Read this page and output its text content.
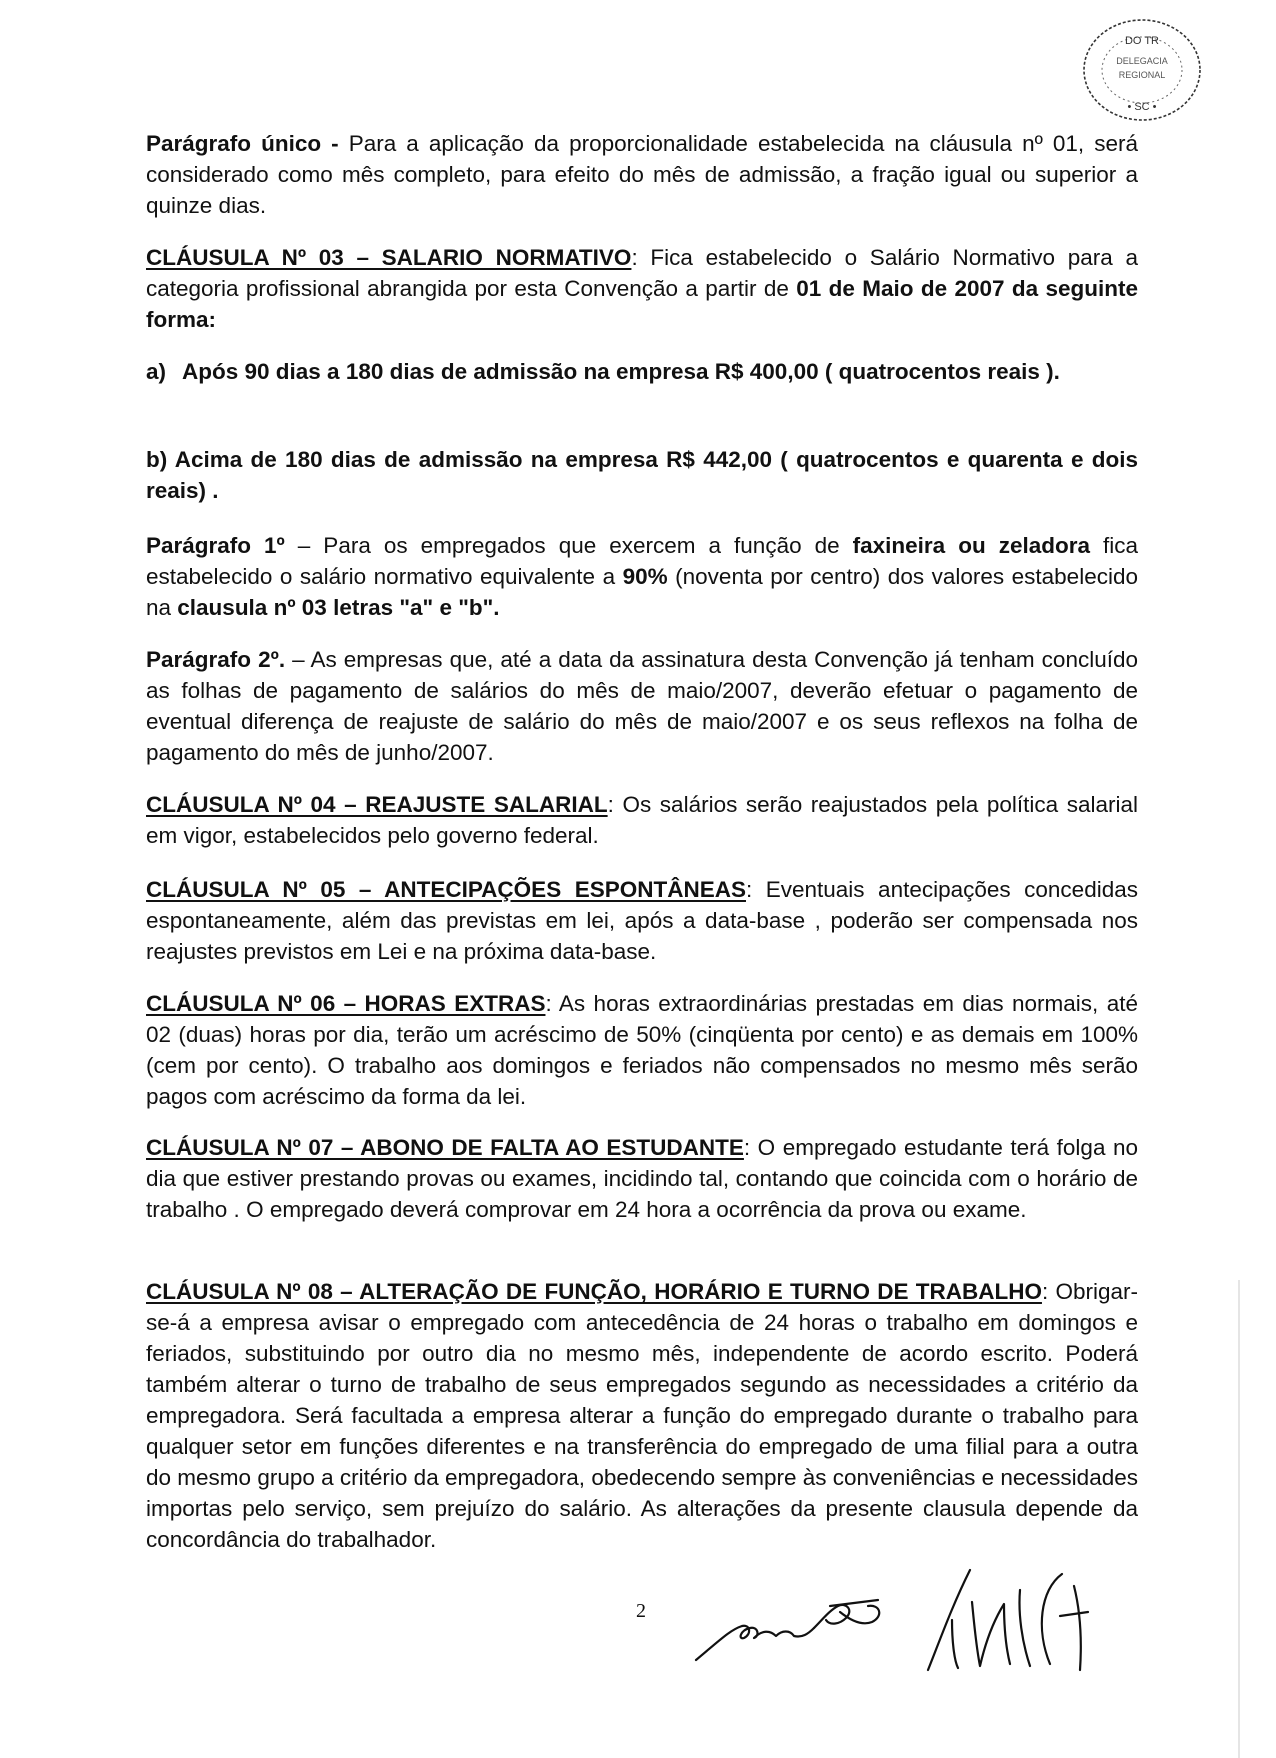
DO TR
DELEGACIA
REGIONAL
• SC •
Parágrafo único - Para a aplicação da proporcionalidade estabelecida na cláusula nº 01, será considerado como mês completo, para efeito do mês de admissão, a fração igual ou superior a quinze dias.
CLÁUSULA Nº 03 – SALARIO NORMATIVO: Fica estabelecido o Salário Normativo para a categoria profissional abrangida por esta Convenção a partir de 01 de Maio de 2007 da seguinte forma:
a) Após 90 dias a 180 dias de admissão na empresa R$ 400,00 ( quatrocentos reais ).
b) Acima de 180 dias de admissão na empresa R$ 442,00 ( quatrocentos e quarenta e dois reais) .
Parágrafo 1º – Para os empregados que exercem a função de faxineira ou zeladora fica estabelecido o salário normativo equivalente a 90% (noventa por centro) dos valores estabelecido na clausula nº 03 letras "a" e "b".
Parágrafo 2º. – As empresas que, até a data da assinatura desta Convenção já tenham concluído as folhas de pagamento de salários do mês de maio/2007, deverão efetuar o pagamento de eventual diferença de reajuste de salário do mês de maio/2007 e os seus reflexos na folha de pagamento do mês de junho/2007.
CLÁUSULA Nº 04 – REAJUSTE SALARIAL: Os salários serão reajustados pela política salarial em vigor, estabelecidos pelo governo federal.
CLÁUSULA Nº 05 – ANTECIPAÇÕES ESPONTÂNEAS: Eventuais antecipações concedidas espontaneamente, além das previstas em lei, após a data-base , poderão ser compensada nos reajustes previstos em Lei e na próxima data-base.
CLÁUSULA Nº 06 – HORAS EXTRAS: As horas extraordinárias prestadas em dias normais, até 02 (duas) horas por dia, terão um acréscimo de 50% (cinqüenta por cento) e as demais em 100% (cem por cento). O trabalho aos domingos e feriados não compensados no mesmo mês serão pagos com acréscimo da forma da lei.
CLÁUSULA Nº 07 – ABONO DE FALTA AO ESTUDANTE: O empregado estudante terá folga no dia que estiver prestando provas ou exames, incidindo tal, contando que coincida com o horário de trabalho . O empregado deverá comprovar em 24 hora a ocorrência da prova ou exame.
CLÁUSULA Nº 08 – ALTERAÇÃO DE FUNÇÃO, HORÁRIO E TURNO DE TRABALHO: Obrigar-se-á a empresa avisar o empregado com antecedência de 24 horas o trabalho em domingos e feriados, substituindo por outro dia no mesmo mês, independente de acordo escrito. Poderá também alterar o turno de trabalho de seus empregados segundo as necessidades a critério da empregadora. Será facultada a empresa alterar a função do empregado durante o trabalho para qualquer setor em funções diferentes e na transferência do empregado de uma filial para a outra do mesmo grupo a critério da empregadora, obedecendo sempre às conveniências e necessidades importas pelo serviço, sem prejuízo do salário. As alterações da presente clausula depende da concordância do trabalhador.
2
